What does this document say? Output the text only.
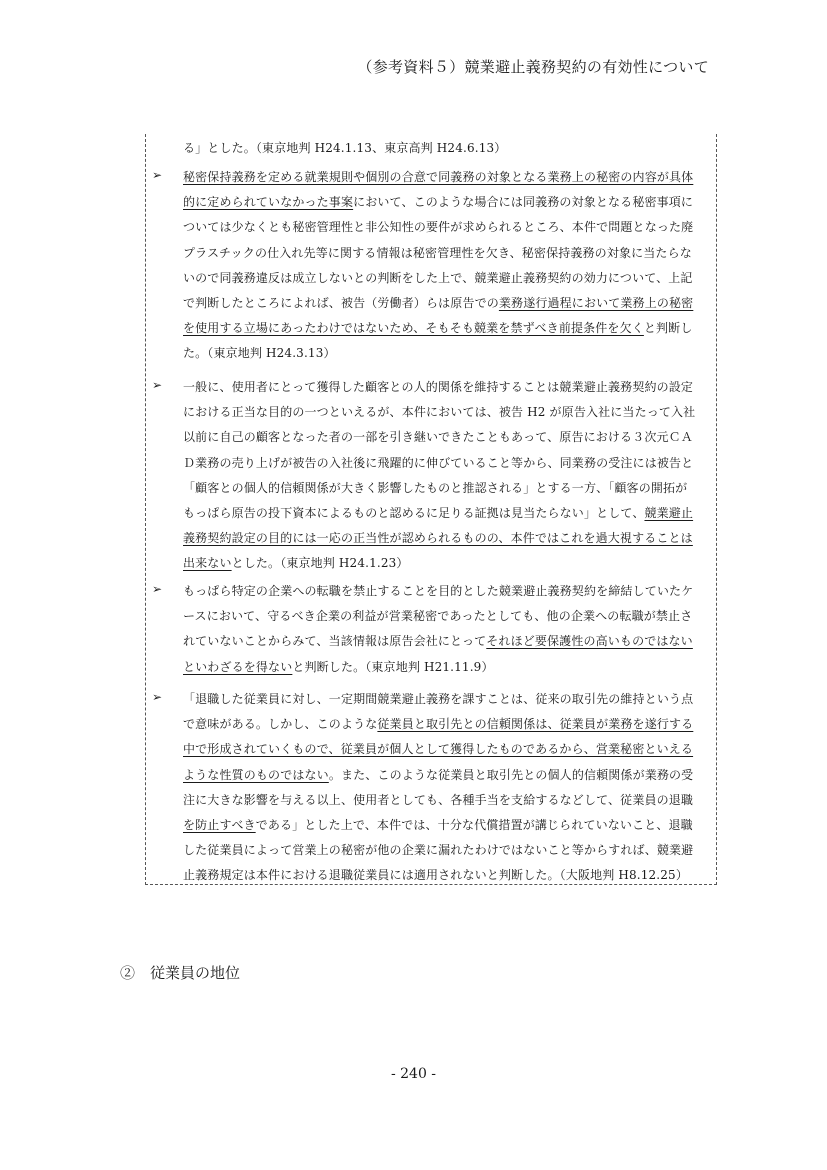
（参考資料５）競業避止義務契約の有効性について

る」とした。（東京地判 H24.1.13、東京高判 H24.6.13）

➢ 秘密保持義務を定める就業規則や個別の合意で同義務の対象となる業務上の秘密の内容が具体

的に定められていなかった事案において、このような場合には同義務の対象となる秘密事項に

ついては少なくとも秘密管理性と非公知性の要件が求められるところ、本件で問題となった廃

プラスチックの仕入れ先等に関する情報は秘密管理性を欠き、秘密保持義務の対象に当たらな

いので同義務違反は成立しないとの判断をした上で、競業避止義務契約の効力について、上記

で判断したところによれば、被告（労働者）らは原告での業務遂行過程において業務上の秘密

を使用する立場にあったわけではないため、そもそも競業を禁ずべき前提条件を欠くと判断し

た。（東京地判 H24.3.13）

➢ 一般に、使用者にとって獲得した顧客との人的関係を維持することは競業避止義務契約の設定

における正当な目的の一つといえるが、本件においては、被告 H2 が原告入社に当たって入社

以前に自己の顧客となった者の一部を引き継いできたこともあって、原告における３次元ＣＡ

Ｄ業務の売り上げが被告の入社後に飛躍的に伸びていること等から、同業務の受注には被告と

「顧客との個人的信頼関係が大きく影響したものと推認される」とする一方、「顧客の開拓が

もっぱら原告の投下資本によるものと認めるに足りる証拠は見当たらない」として、競業避止

義務契約設定の目的には一応の正当性が認められるものの、本件ではこれを過大視することは

出来ないとした。（東京地判 H24.1.23）

➢ もっぱら特定の企業への転職を禁止することを目的とした競業避止義務契約を締結していたケ

ースにおいて、守るべき企業の利益が営業秘密であったとしても、他の企業への転職が禁止さ

れていないことからみて、当該情報は原告会社にとってそれほど要保護性の高いものではない

といわざるを得ないと判断した。（東京地判 H21.11.9）

➢ 「退職した従業員に対し、一定期間競業避止義務を課すことは、従来の取引先の維持という点

で意味がある。しかし、このような従業員と取引先との信頼関係は、従業員が業務を遂行する

中で形成されていくもので、従業員が個人として獲得したものであるから、営業秘密といえる

ような性質のものではない。また、このような従業員と取引先との個人的信頼関係が業務の受

注に大きな影響を与える以上、使用者としても、各種手当を支給するなどして、従業員の退職

を防止すべきである」とした上で、本件では、十分な代償措置が講じられていないこと、退職

した従業員によって営業上の秘密が他の企業に漏れたわけではないこと等からすれば、競業避

止義務規定は本件における退職従業員には適用されないと判断した。（大阪地判 H8.12.25）

②　従業員の地位
- 240 -
